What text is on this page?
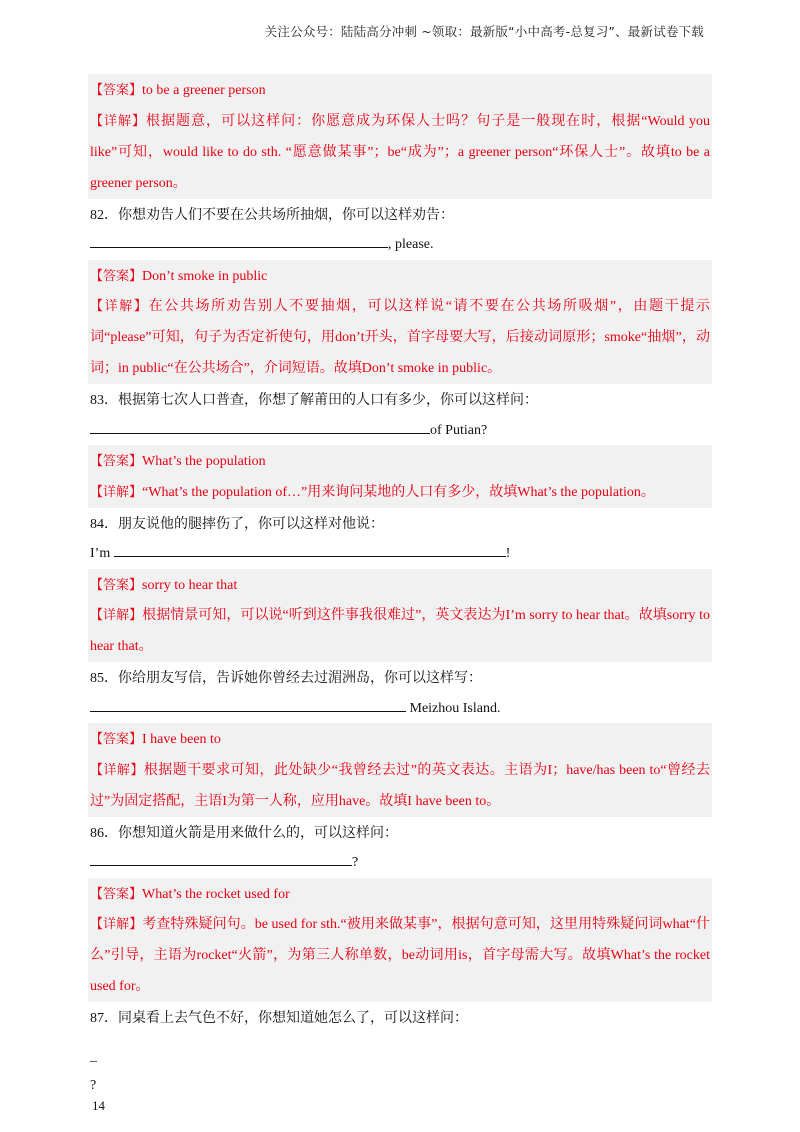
关注公众号：陆陆高分冲刺 ~领取：最新版“小中高考-总复习”、最新试卷下载
【答案】to be a greener person
【详解】根据题意，可以这样问：你愿意成为环保人士吗？句子是一般现在时，根据“Would you like”可知，would like to do sth. “愿意做某事”；be“成为”；a greener person“环保人士”。故填to be a greener person。
82．你想劝告人们不要在公共场所抽烟，你可以这样劝告：
, please.
【答案】Don’t smoke in public
【详解】在公共场所劝告别人不要抽烟，可以这样说“请不要在公共场所吸烟”，由题干提示词“please”可知，句子为否定祈使句，用don’t开头，首字母要大写，后接动词原形；smoke“抽烟”，动词；in public“在公共场合”，介词短语。故填Don’t smoke in public。
83．根据第七次人口普查，你想了解莆田的人口有多少，你可以这样问：
of Putian?
【答案】What’s the population
【详解】“What’s the population of…”用来询问某地的人口有多少，故填What’s the population。
84．朋友说他的腿摔伤了，你可以这样对他说：
I’m	!
【答案】sorry to hear that
【详解】根据情景可知，可以说“听到这件事我很难过”，英文表达为I’m sorry to hear that。故填sorry to hear that。
85．你给朋友写信，告诉她你曾经去过湄洲岛，你可以这样写：
Meizhou Island.
【答案】I have been to
【详解】根据题干要求可知，此处缺少“我曾经去过”的英文表达。主语为I；have/has been to“曾经去过”为固定搭配，主语I为第一人称，应用have。故填I have been to。
86．你想知道火箭是用来做什么的，可以这样问：
?
【答案】What’s the rocket used for
【详解】考查特殊疑问句。be used for sth.“被用来做某事”，根据句意可知，这里用特殊疑问词what“什么”引导，主语为rocket“火箭”，为第三人称单数，be动词用is，首字母需大写。故填What’s the rocket used for。
87．同桌看上去气色不好，你想知道她怎么了，可以这样问：
_
?
14
